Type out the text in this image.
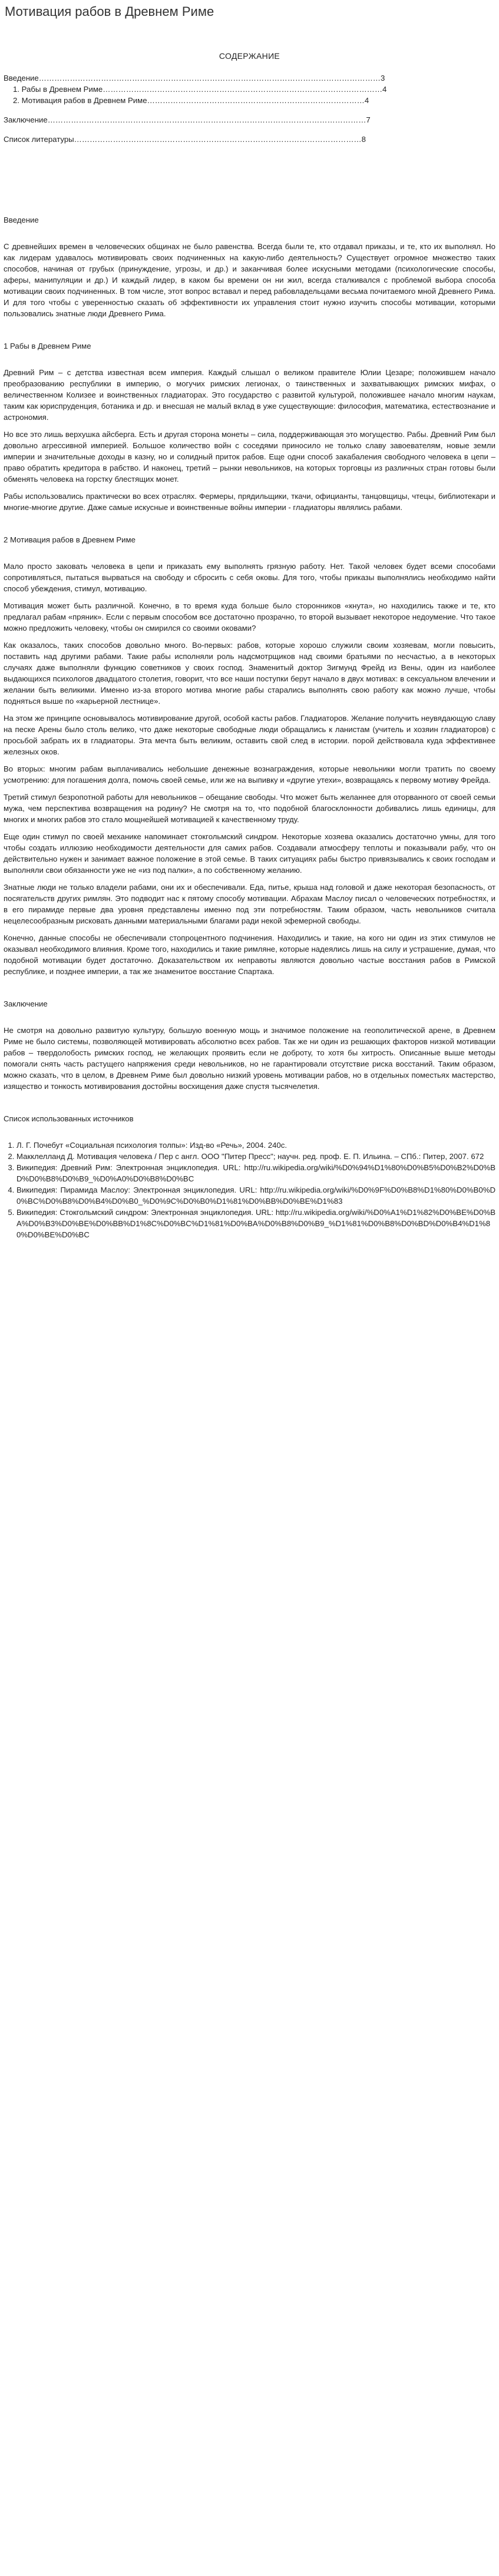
Мотивация рабов в Древнем Риме
СОДЕРЖАНИЕ
Введение …………………………………………………………………………………………………………………… 3
1. Рабы в Древнем Риме ……………………………………………………………………………………………… 4
2. Мотивация рабов в Древнем Риме ………………………………………………………………………… 4
Заключение …………………………………………………………………………………………………………… 7
Список литературы ………………………………………………………………………………………………… 8
Введение

С древнейших времен в человеческих общинах не было равенства. Всегда были те, кто отдавал приказы, и те, кто их выполнял. Но как лидерам удавалось мотивировать своих подчиненных на какую-либо деятельность? Существует огромное множество таких способов, начиная от грубых (принуждение, угрозы, и др.) и заканчивая более искусными методами (психологические способы, аферы, манипуляции и др.) И каждый лидер, в каком бы времени он ни жил, всегда сталкивался с проблемой выбора способа мотивации своих подчиненных. В том числе, этот вопрос вставал и перед рабовладельцами весьма почитаемого мной Древнего Рима. И для того чтобы с уверенностью сказать об эффективности их управления стоит нужно изучить способы мотивации, которыми пользовались знатные люди Древнего Рима.

1 Рабы в Древнем Риме

Древний Рим – с детства известная всем империя. Каждый слышал о великом правителе Юлии Цезаре; положившем начало преобразованию республики в империю, о могучих римских легионах, о таинственных и захватывающих римских мифах, о величественном Колизее и воинственных гладиаторах. Это государство с развитой культурой, положившее начало многим наукам, таким как юриспруденция, ботаника и др. и внесшая не малый вклад в уже существующие: философия, математика, естествознание и астрономия.

Но все это лишь верхушка айсберга. Есть и другая сторона монеты – сила, поддерживающая это могущество. Рабы. Древний Рим был довольно агрессивной империей. Большое количество войн с соседями приносило не только славу завоевателям, новые земли империи и значительные доходы в казну, но и солидный приток рабов. Еще одни способ закабаления свободного человека в цепи – право обратить кредитора в рабство. И наконец, третий – рынки невольников, на которых торговцы из различных стран готовы были обменять человека на горстку блестящих монет.

Рабы использовались практически во всех отраслях. Фермеры, прядильщики, ткачи, официанты, танцовщицы, чтецы, библиотекари и многие-многие другие. Даже самые искусные и воинственные войны империи - гладиаторы являлись рабами.

2 Мотивация рабов в Древнем Риме

Мало просто заковать человека в цепи и приказать ему выполнять грязную работу. Нет. Такой человек будет всеми способами сопротивляться, пытаться вырваться на свободу и сбросить с себя оковы. Для того, чтобы приказы выполнялись необходимо найти способ убеждения, стимул, мотивацию.

Мотивация может быть различной. Конечно, в то время куда больше было сторонников «кнута», но находились также и те, кто предлагал рабам «пряник». Если с первым способом все достаточно прозрачно, то второй вызывает некоторое недоумение. Что такое можно предложить человеку, чтобы он смирился со своими оковами?

Как оказалось, таких способов довольно много. Во-первых: рабов, которые хорошо служили своим хозяевам, могли повысить, поставить над другими рабами. Такие рабы исполняли роль надсмотрщиков над своими братьями по несчастью, а в некоторых случаях даже выполняли функцию советников у своих господ. Знаменитый доктор Зигмунд Фрейд из Вены, один из наиболее выдающихся психологов двадцатого столетия, говорит, что все наши поступки берут начало в двух мотивах: в сексуальном влечении и желании быть великими. Именно из-за второго мотива многие рабы старались выполнять свою работу как можно лучше, чтобы подняться выше по «карьерной лестнице».

На этом же принципе основывалось мотивирование другой, особой касты рабов. Гладиаторов. Желание получить неувядающую славу на песке Арены было столь велико, что даже некоторые свободные люди обращались к ланистам (учитель и хозяин гладиаторов) с просьбой забрать их в гладиаторы. Эта мечта быть великим, оставить свой след в истории. порой действовала куда эффективнее железных оков.

Во вторых: многим рабам выплачивались небольшие денежные вознаграждения, которые невольники могли тратить по своему усмотрению: для погашения долга, помочь своей семье, или же на выпивку и «другие утехи», возвращаясь к первому мотиву Фрейда.

Третий стимул безропотной работы для невольников – обещание свободы. Что может быть желаннее для оторванного от своей семьи мужа, чем перспектива возвращения на родину? Не смотря на то, что подобной благосклонности добивались лишь единицы, для многих и многих рабов это стало мощнейшей мотивацией к качественному труду.

Еще один стимул по своей механике напоминает стокгольмский синдром. Некоторые хозяева оказались достаточно умны, для того чтобы создать иллюзию необходимости деятельности для самих рабов. Создавали атмосферу теплоты и показывали рабу, что он действительно нужен и занимает важное положение в этой семье. В таких ситуациях рабы быстро привязывались к своих господам и выполняли свои обязанности уже не «из под палки», а по собственному желанию.

Знатные люди не только владели рабами, они их и обеспечивали. Еда, питье, крыша над головой и даже некоторая безопасность, от посягательств других римлян. Это подводит нас к пятому способу мотивации. Абрахам Маслоу писал о человеческих потребностях, и в его пирамиде первые два уровня представлены именно под эти потребностям. Таким образом, часть невольников считала нецелесообразным рисковать данными материальными благами ради некой эфемерной свободы.

Конечно, данные способы не обеспечивали стопроцентного подчинения. Находились и такие, на кого ни один из этих стимулов не оказывал необходимого влияния. Кроме того, находились и такие римляне, которые надеялись лишь на силу и устрашение, думая, что подобной мотивации будет достаточно. Доказательством их неправоты являются довольно частые восстания рабов в Римской республике, и позднее империи, а так же знаменитое восстание Спартака.

Заключение

Не смотря на довольно развитую культуру, большую военную мощь и значимое положение на геополитической арене, в Древнем Риме не было системы, позволяющей мотивировать абсолютно всех рабов. Так же ни один из решающих факторов низкой мотивации рабов – твердолобость римских господ, не желающих проявить если не доброту, то хотя бы хитрость. Описанные выше методы помогали снять часть растущего напряжения среди невольников, но не гарантировали отсутствие риска восстаний. Таким образом, можно сказать, что в целом, в Древнем Риме был довольно низкий уровень мотивации рабов, но в отдельных поместьях мастерство, изящество и тонкость мотивирования достойны восхищения даже спустя тысячелетия.

Список использованных источников
1. Л. Г. Почебут «Социальная психология толпы»: Изд-во «Речь», 2004. 240с.
2. Макклелланд Д. Мотивация человека / Пер с англ. ООО "Питер Пресс"; научн. ред. проф. Е. П. Ильина. – СПб.: Питер, 2007. 672
3. Википедия: Древний Рим: Электронная энциклопедия. URL: http://ru.wikipedia.org/wiki/%D0%94%D1%80%D0%B5%D0%B2%D0%BD%D0%B8%D0%B9_%D0%A0%D0%B8%D0%BC
4. Википедия: Пирамида Маслоу: Электронная энциклопедия. URL: http://ru.wikipedia.org/wiki/%D0%9F%D0%B8%D1%80%D0%B0%D0%BC%D0%B8%D0%B4%D0%B0_%D0%9C%D0%B0%D1%81%D0%BB%D0%BE%D1%83
5. Википедия: Стокгольмский синдром: Электронная энциклопедия. URL: http://ru.wikipedia.org/wiki/%D0%A1%D1%82%D0%BE%D0%BA%D0%B3%D0%BE%D0%BB%D1%8C%D0%BC%D1%81%D0%BA%D0%B8%D0%B9_%D1%81%D0%B8%D0%BD%D0%B4%D1%80%D0%BE%D0%BC
